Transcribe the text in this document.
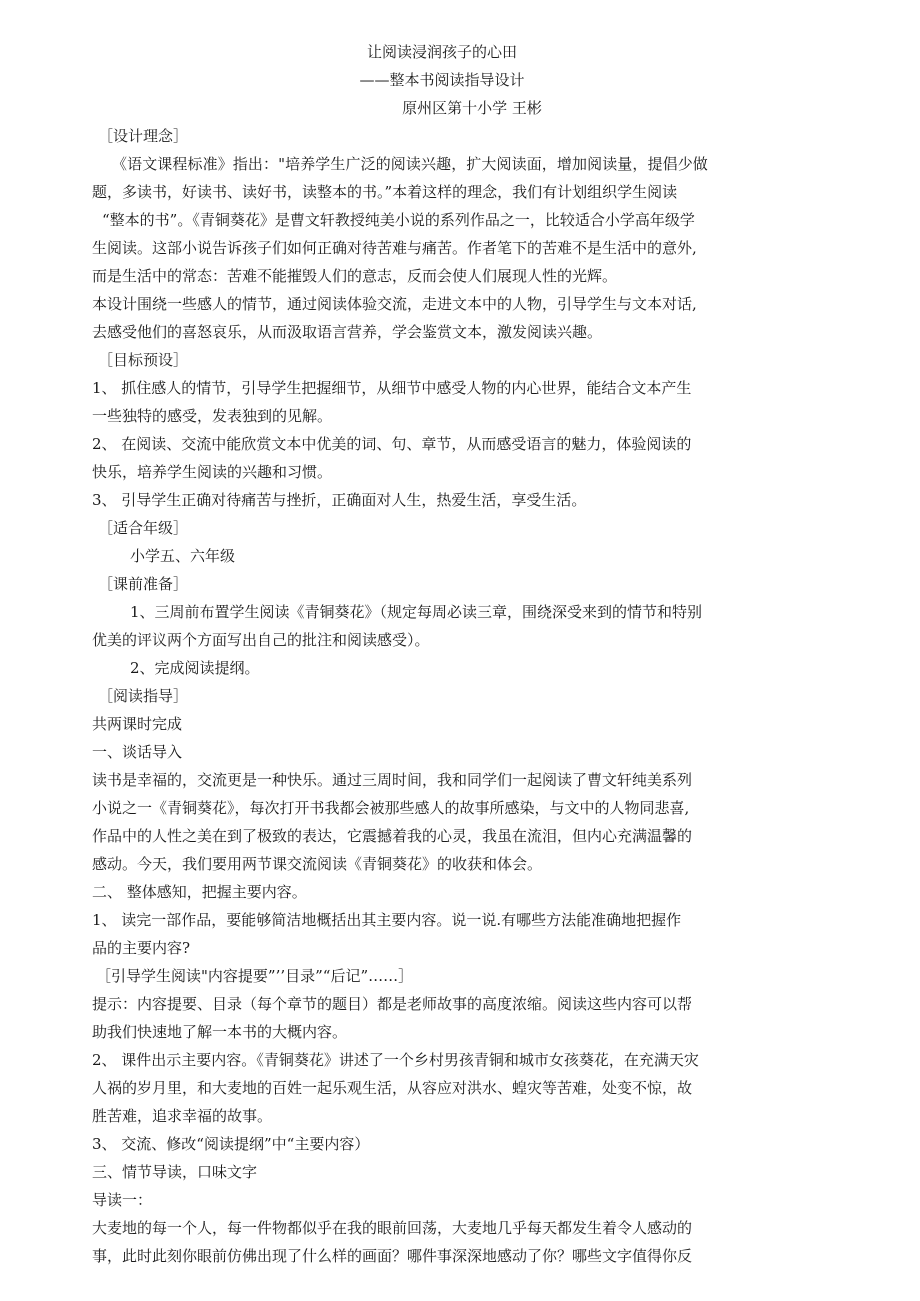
让阅读浸润孩子的心田
——整本书阅读指导设计
原州区第十小学 王彬
［设计理念］
《语文课程标准》指出："培养学生广泛的阅读兴趣，扩大阅读面，增加阅读量，提倡少做
题，多读书，好读书、读好书，读整本的书。”本着这样的理念，我们有计划组织学生阅读
“整本的书”。《青铜葵花》是曹文轩教授纯美小说的系列作品之一，比较适合小学高年级学
生阅读。这部小说告诉孩子们如何正确对待苦难与痛苦。作者笔下的苦难不是生活中的意外,
而是生活中的常态：苦难不能摧毁人们的意志，反而会使人们展现人性的光辉。
本设计围绕一些感人的情节，通过阅读体验交流，走进文本中的人物，引导学生与文本对话,
去感受他们的喜怒哀乐，从而汲取语言营养，学会鉴赏文本，激发阅读兴趣。
［目标预设］
1、 抓住感人的情节，引导学生把握细节，从细节中感受人物的内心世界，能结合文本产生
一些独特的感受，发表独到的见解。
2、 在阅读、交流中能欣赏文本中优美的词、句、章节，从而感受语言的魅力，体验阅读的
快乐，培养学生阅读的兴趣和习惯。
3、 引导学生正确对待痛苦与挫折，正确面对人生，热爱生活，享受生活。
［适合年级］
小学五、六年级
［课前准备］
1、三周前布置学生阅读《青铜葵花》（规定每周必读三章，围绕深受来到的情节和特别
优美的评议两个方面写出自己的批注和阅读感受）。
2、完成阅读提纲。
［阅读指导］
共两课时完成
一、谈话导入
读书是幸福的，交流更是一种快乐。通过三周时间，我和同学们一起阅读了曹文轩纯美系列
小说之一《青铜葵花》，每次打开书我都会被那些感人的故事所感染，与文中的人物同悲喜,
作品中的人性之美在到了极致的表达，它震撼着我的心灵，我虽在流泪，但内心充满温馨的
感动。今天，我们要用两节课交流阅读《青铜葵花》的收获和体会。
二、 整体感知，把握主要内容。
1、 读完一部作品，要能够简洁地概括出其主要内容。说一说.有哪些方法能准确地把握作
品的主要内容?
［引导学生阅读"内容提要”’’目录”“后记”……］
提示：内容提要、目录（每个章节的题目）都是老师故事的高度浓缩。阅读这些内容可以帮
助我们快速地了解一本书的大概内容。
2、 课件出示主要内容。《青铜葵花》讲述了一个乡村男孩青铜和城市女孩葵花，在充满天灾
人祸的岁月里，和大麦地的百姓一起乐观生活，从容应对洪水、蝗灾等苦难，处变不惊，故
胜苦难，追求幸福的故事。
3、 交流、修改“阅读提纲”中“主要内容）
三、情节导读，口味文字
导读一：
大麦地的每一个人，每一件物都似乎在我的眼前回荡，大麦地几乎每天都发生着令人感动的
事，此时此刻你眼前仿佛出现了什么样的画面？哪件事深深地感动了你？哪些文字值得你反
